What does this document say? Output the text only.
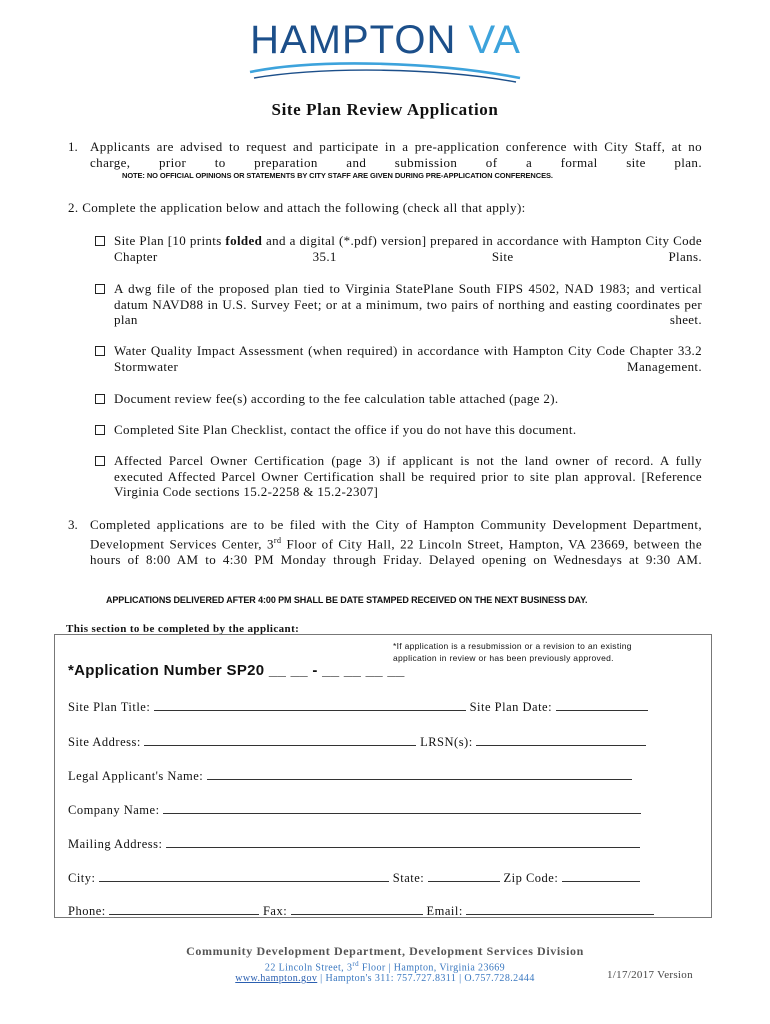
HAMPTON VA
Site Plan Review Application
1. Applicants are advised to request and participate in a pre-application conference with City Staff, at no charge, prior to preparation and submission of a formal site plan.
NOTE: NO OFFICIAL OPINIONS OR STATEMENTS BY CITY STAFF ARE GIVEN DURING PRE-APPLICATION CONFERENCES.
2. Complete the application below and attach the following (check all that apply):
Site Plan [10 prints folded and a digital (*.pdf) version] prepared in accordance with Hampton City Code Chapter 35.1 Site Plans.
A dwg file of the proposed plan tied to Virginia StatePlane South FIPS 4502, NAD 1983; and vertical datum NAVD88 in U.S. Survey Feet; or at a minimum, two pairs of northing and easting coordinates per plan sheet.
Water Quality Impact Assessment (when required) in accordance with Hampton City Code Chapter 33.2 Stormwater Management.
Document review fee(s) according to the fee calculation table attached (page 2).
Completed Site Plan Checklist, contact the office if you do not have this document.
Affected Parcel Owner Certification (page 3) if applicant is not the land owner of record. A fully executed Affected Parcel Owner Certification shall be required prior to site plan approval. [Reference Virginia Code sections 15.2-2258 & 15.2-2307]
3. Completed applications are to be filed with the City of Hampton Community Development Department, Development Services Center, 3rd Floor of City Hall, 22 Lincoln Street, Hampton, VA 23669, between the hours of 8:00 AM to 4:30 PM Monday through Friday. Delayed opening on Wednesdays at 9:30 AM.
APPLICATIONS DELIVERED AFTER 4:00 PM SHALL BE DATE STAMPED RECEIVED ON THE NEXT BUSINESS DAY.
This section to be completed by the applicant:
*Application Number SP20 __ __ - __ __ __ __
*If application is a resubmission or a revision to an existing application in review or has been previously approved.
Site Plan Title:	Site Plan Date:
Site Address:	LRSN(s):
Legal Applicant's Name:
Company Name:
Mailing Address:
City:	State:	Zip Code:
Phone:	Fax:	Email:
Community Development Department, Development Services Division
22 Lincoln Street, 3rd Floor | Hampton, Virginia 23669
www.hampton.gov | Hampton's 311: 757.727.8311 | O.757.728.2444	1/17/2017 Version
